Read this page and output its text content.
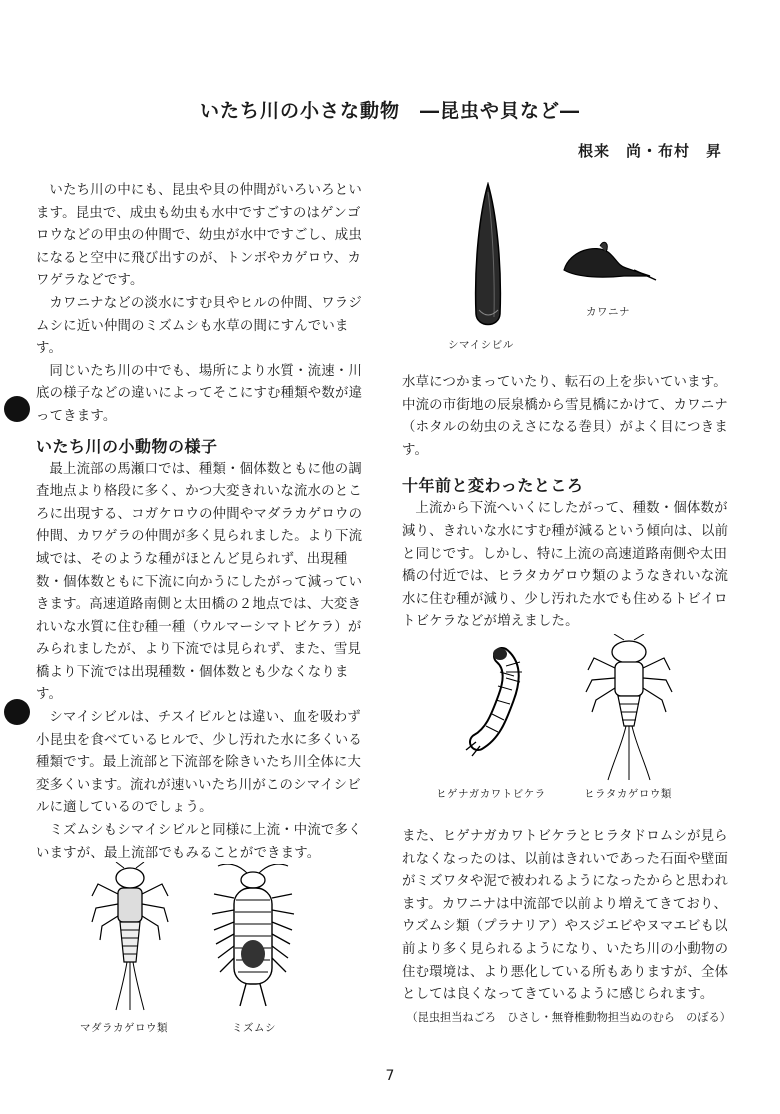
いたち川の小さな動物　―昆虫や貝など―
根来　尚・布村　昇

いたち川の中にも、昆虫や貝の仲間がいろいろといます。昆虫で、成虫も幼虫も水中ですごすのはゲンゴロウなどの甲虫の仲間で、幼虫が水中ですごし、成虫になると空中に飛び出すのが、トンボやカゲロウ、カワゲラなどです。

カワニナなどの淡水にすむ貝やヒルの仲間、ワラジムシに近い仲間のミズムシも水草の間にすんでいます。

同じいたち川の中でも、場所により水質・流速・川底の様子などの違いによってそこにすむ種類や数が違ってきます。

いたち川の小動物の様子

最上流部の馬瀬口では、種類・個体数ともに他の調査地点より格段に多く、かつ大変きれいな流水のところに出現する、コガケロウの仲間やマダラカゲロウの仲間、カワゲラの仲間が多く見られました。より下流域では、そのような種がほとんど見られず、出現種数・個体数ともに下流に向かうにしたがって減っていきます。高速道路南側と太田橋の２地点では、大変きれいな水質に住む種一種（ウルマーシマトビケラ）がみられましたが、より下流では見られず、また、雪見橋より下流では出現種数・個体数とも少なくなります。

シマイシビルは、チスイビルとは違い、血を吸わず小昆虫を食べているヒルで、少し汚れた水に多くいる種類です。最上流部と下流部を除きいたち川全体に大変多くいます。流れが速いいたち川がこのシマイシビルに適しているのでしょう。

ミズムシもシマイシビルと同様に上流・中流で多くいますが、最上流部でもみることができます。

シマイシビル
カワニナ

水草につかまっていたり、転石の上を歩いています。中流の市街地の辰泉橋から雪見橋にかけて、カワニナ（ホタルの幼虫のえさになる巻貝）がよく目につきます。

十年前と変わったところ

上流から下流へいくにしたがって、種数・個体数が減り、きれいな水にすむ種が減るという傾向は、以前と同じです。しかし、特に上流の高速道路南側や太田橋の付近では、ヒラタカゲロウ類のようなきれいな流水に住む種が減り、少し汚れた水でも住めるトビイロトビケラなどが増えました。

ヒゲナガカワトビケラ	ヒラタカゲロウ類

また、ヒゲナガカワトビケラとヒラタドロムシが見られなくなったのは、以前はきれいであった石面や壁面がミズワタや泥で被われるようになったからと思われます。カワニナは中流部で以前より増えてきており、ウズムシ類（プラナリア）やスジエビやヌマエビも以前より多く見られるようになり、いたち川の小動物の住む環境は、より悪化している所もありますが、全体としては良くなってきているように感じられます。

（昆虫担当ねごろ　ひさし・無脊椎動物担当ぬのむら　のぼる）
マダラカゲロウ類	ミズムシ
7
